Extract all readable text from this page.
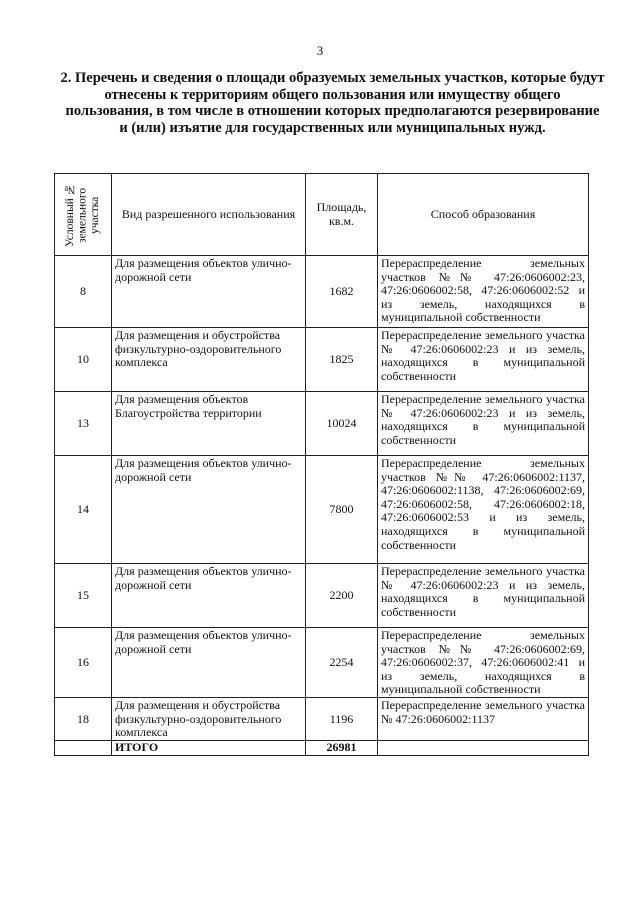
3
2. Перечень и сведения о площади образуемых земельных участков, которые будут отнесены к территориям общего пользования или имуществу общего пользования, в том числе в отношении которых предполагаются резервирование и (или) изъятие для государственных или муниципальных нужд.
Условный № земельного участка	Вид разрешенного использования	Площадь, кв.м.	Способ образования
8	Для размещения объектов улично-дорожной сети	1682	Перераспределение земельных участков №№ 47:26:0606002:23, 47:26:0606002:58, 47:26:0606002:52 и из земель, находящихся в муниципальной собственности
10	Для размещения и обустройства физкультурно-оздоровительного комплекса	1825	Перераспределение земельного участка № 47:26:0606002:23 и из земель, находящихся в муниципальной собственности
13	Для размещения объектов Благоустройства территории	10024	Перераспределение земельного участка № 47:26:0606002:23 и из земель, находящихся в муниципальной собственности
14	Для размещения объектов улично-дорожной сети	7800	Перераспределение земельных участков №№ 47:26:0606002:1137, 47:26:0606002:1138, 47:26:0606002:69, 47:26:0606002:58, 47:26:0606002:18, 47:26:0606002:53 и из земель, находящихся в муниципальной собственности
15	Для размещения объектов улично-дорожной сети	2200	Перераспределение земельного участка № 47:26:0606002:23 и из земель, находящихся в муниципальной собственности
16	Для размещения объектов улично-дорожной сети	2254	Перераспределение земельных участков №№ 47:26:0606002:69, 47:26:0606002:37, 47:26:0606002:41 и из земель, находящихся в муниципальной собственности
18	Для размещения и обустройства физкультурно-оздоровительного комплекса	1196	Перераспределение земельного участка № 47:26:0606002:1137
	ИТОГО	26981	
